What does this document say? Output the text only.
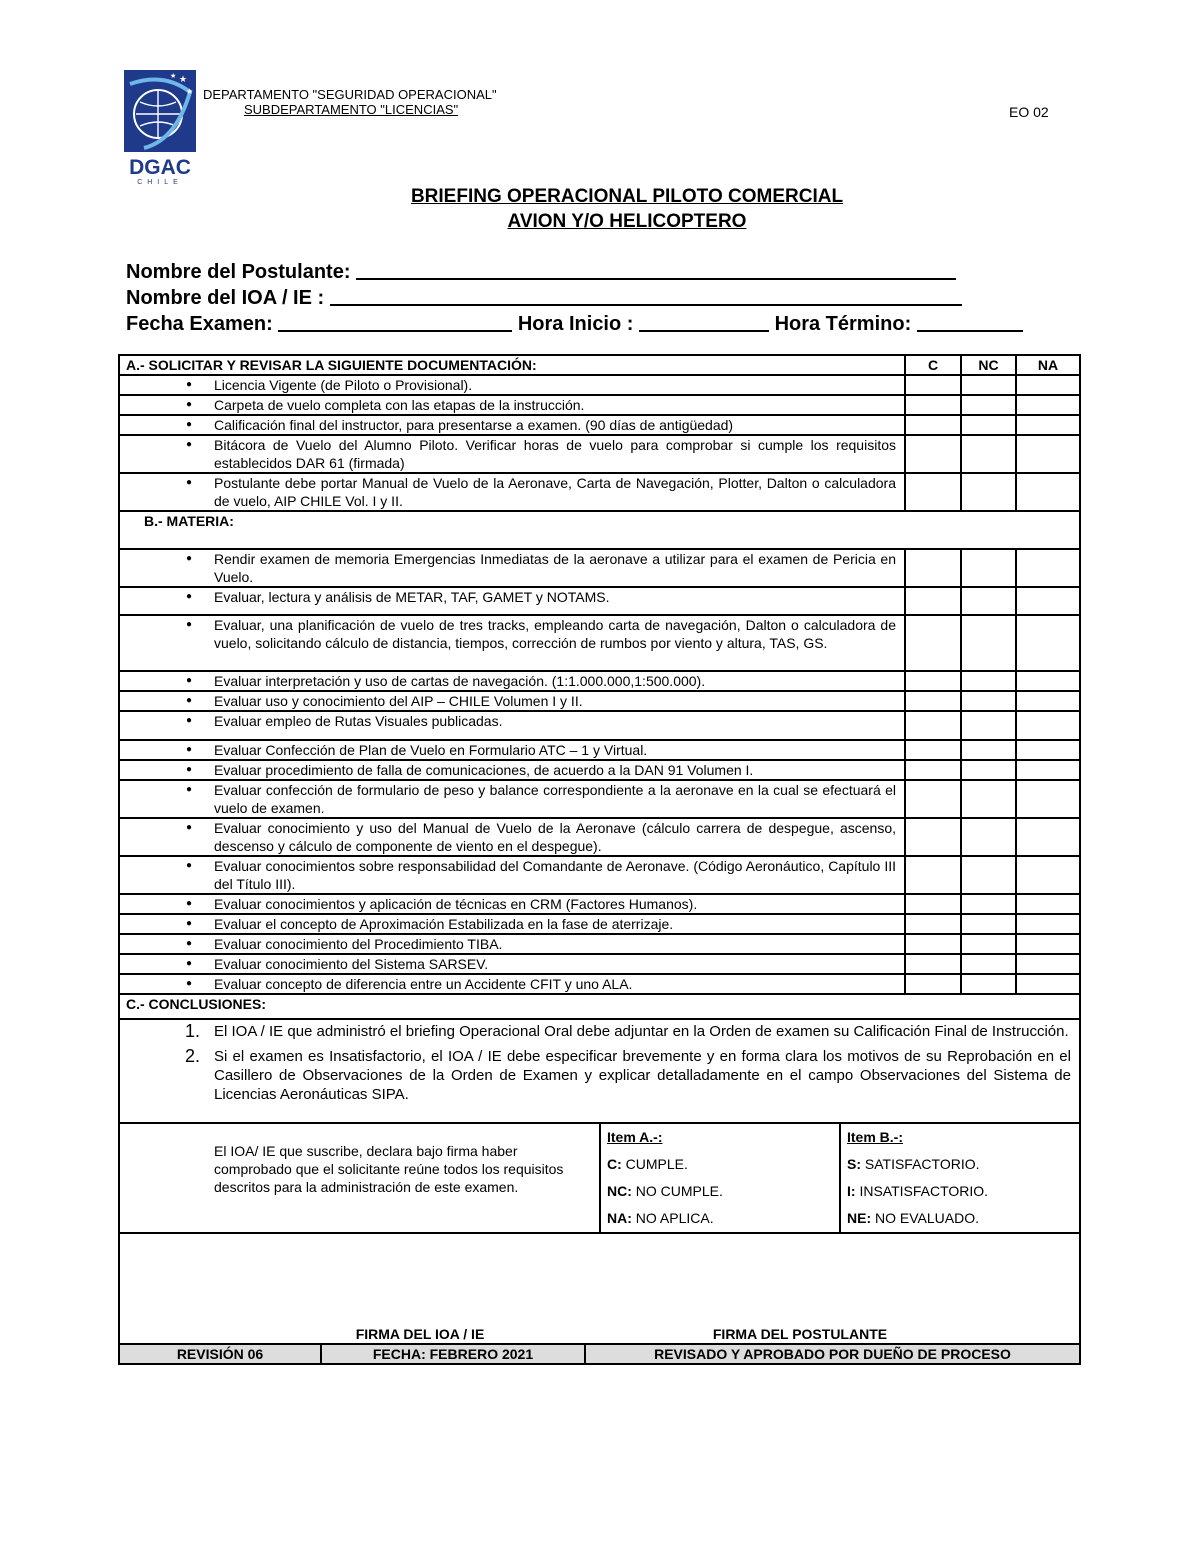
★
★
★
DGAC
CHILE
DEPARTAMENTO "SEGURIDAD OPERACIONAL"
SUBDEPARTAMENTO "LICENCIAS"	EO 02
BRIEFING OPERACIONAL PILOTO COMERCIAL
AVION Y/O HELICOPTERO
Nombre del Postulante:
Nombre del IOA / IE :
Fecha Examen:	Hora Inicio :	Hora Término:
A.- SOLICITAR Y REVISAR LA SIGUIENTE DOCUMENTACIÓN:	C	NC	NA

●	Licencia Vigente (de Piloto o Provisional).

●	Carpeta de vuelo completa con las etapas de la instrucción.

●	Calificación final del instructor, para presentarse a examen. (90 días de antigüedad)

●	Bitácora de Vuelo del Alumno Piloto. Verificar horas de vuelo para comprobar si cumple los requisitos establecidos DAR 61 (firmada)

●	Postulante debe portar Manual de Vuelo de la Aeronave, Carta de Navegación, Plotter, Dalton o calculadora de vuelo, AIP CHILE Vol. I y II.

B.- MATERIA:

●	Rendir examen de memoria Emergencias Inmediatas de la aeronave a utilizar para el examen de Pericia en Vuelo.

●	Evaluar, lectura y análisis de METAR, TAF, GAMET y NOTAMS.

●	Evaluar, una planificación de vuelo de tres tracks, empleando carta de navegación, Dalton o calculadora de vuelo, solicitando cálculo de distancia, tiempos, corrección de rumbos por viento y altura, TAS, GS.

●	Evaluar interpretación y uso de cartas de navegación. (1:1.000.000,1:500.000).

●	Evaluar uso y conocimiento del AIP – CHILE Volumen I y II.

●	Evaluar empleo de Rutas Visuales publicadas.

●	Evaluar Confección de Plan de Vuelo en Formulario ATC – 1 y Virtual.

●	Evaluar procedimiento de falla de comunicaciones, de acuerdo a la DAN 91 Volumen I.

●	Evaluar confección de formulario de peso y balance correspondiente a la aeronave en la cual se efectuará el vuelo de examen.

●	Evaluar conocimiento y uso del Manual de Vuelo de la Aeronave (cálculo carrera de despegue, ascenso, descenso y cálculo de componente de viento en el despegue).

●	Evaluar conocimientos sobre responsabilidad del Comandante de Aeronave. (Código Aeronáutico, Capítulo III del Título III).

●	Evaluar conocimientos y aplicación de técnicas en CRM (Factores Humanos).

●	Evaluar el concepto de Aproximación Estabilizada en la fase de aterrizaje.

●	Evaluar conocimiento del Procedimiento TIBA.

●	Evaluar conocimiento del Sistema SARSEV.

●	Evaluar concepto de diferencia entre un Accidente CFIT y uno ALA.

C.- CONCLUSIONES:

1. El IOA / IE que administró el briefing Operacional Oral debe adjuntar en la Orden de examen su Calificación Final de Instrucción.
2. Si el examen es Insatisfactorio, el IOA / IE debe especificar brevemente y en forma clara los motivos de su Reprobación en el Casillero de Observaciones de la Orden de Examen y explicar detalladamente en el campo Observaciones del Sistema de Licencias Aeronáuticas SIPA.

El IOA/ IE que suscribe, declara bajo firma haber comprobado que el solicitante reúne todos los requisitos descritos para la administración de este examen.

Item A.-:
C: CUMPLE.
NC: NO CUMPLE.
NA: NO APLICA.

Item B.-:
S: SATISFACTORIO.
I: INSATISFACTORIO.
NE: NO EVALUADO.

FIRMA DEL IOA / IE	FIRMA DEL POSTULANTE

REVISIÓN 06	FECHA: FEBRERO 2021	REVISADO Y APROBADO POR DUEÑO DE PROCESO
